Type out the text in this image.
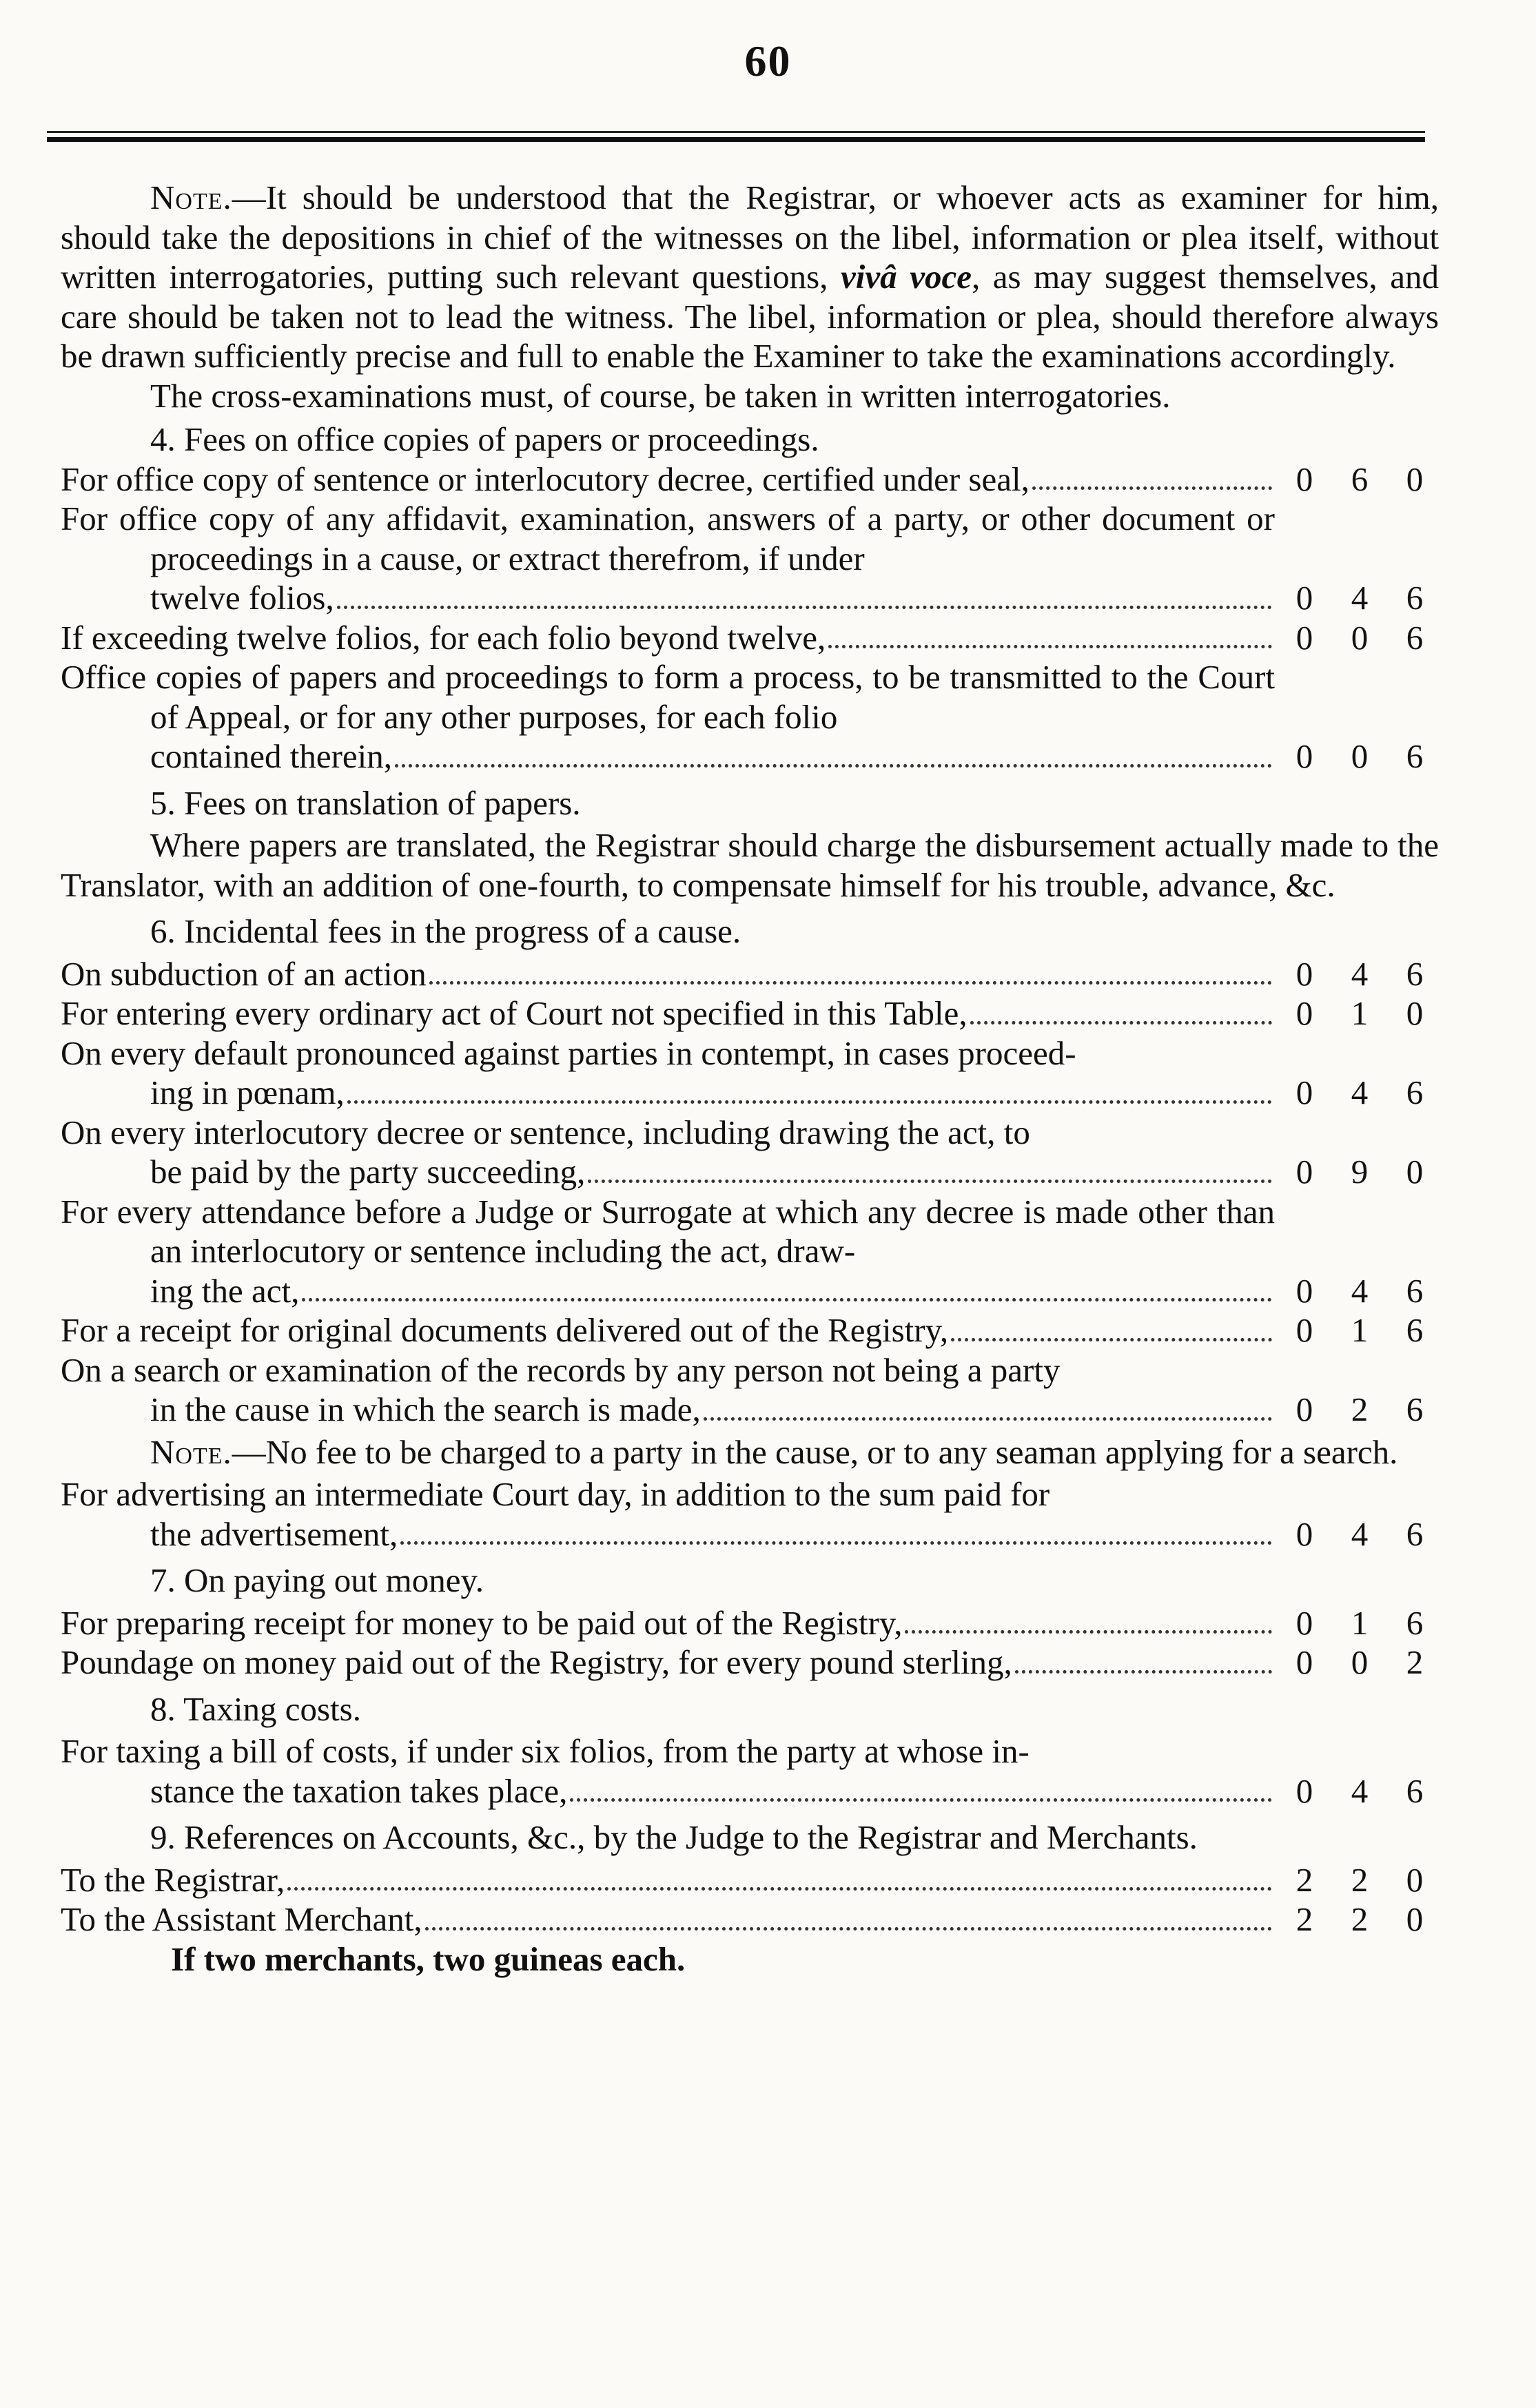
60

Note.—It should be understood that the Registrar, or whoever acts as examiner for him, should take the depositions in chief of the witnesses on the libel, information or plea itself, without written interrogatories, putting such relevant questions, vivâ voce, as may suggest themselves, and care should be taken not to lead the witness. The libel, information or plea, should therefore always be drawn sufficiently precise and full to enable the Examiner to take the examinations accordingly.

The cross-examinations must, of course, be taken in written interrogatories.

4. Fees on office copies of papers or proceedings.
For office copy of sentence or interlocutory decree, certified under seal,	0	6	0
For office copy of any affidavit, examination, answers of a party, or other document or proceedings in a cause, or extract therefrom, if under
twelve folios,	0	4	6
If exceeding twelve folios, for each folio beyond twelve,	0	0	6
Office copies of papers and proceedings to form a process, to be transmitted to the Court of Appeal, or for any other purposes, for each folio
contained therein,	0	0	6
5. Fees on translation of papers.

Where papers are translated, the Registrar should charge the disbursement actually made to the Translator, with an addition of one-fourth, to compensate himself for his trouble, advance, &c.

6. Incidental fees in the progress of a cause.
On subduction of an action	0	4	6
For entering every ordinary act of Court not specified in this Table,	0	1	0
On every default pronounced against parties in contempt, in cases proceed-
ing in pœnam,	0	4	6
On every interlocutory decree or sentence, including drawing the act, to
be paid by the party succeeding,	0	9	0
For every attendance before a Judge or Surrogate at which any decree is made other than an interlocutory or sentence including the act, draw-
ing the act,	0	4	6
For a receipt for original documents delivered out of the Registry,	0	1	6
On a search or examination of the records by any person not being a party
in the cause in which the search is made,	0	2	6

Note.—No fee to be charged to a party in the cause, or to any seaman applying for a search.

For advertising an intermediate Court day, in addition to the sum paid for
the advertisement,	0	4	6
7. On paying out money.
For preparing receipt for money to be paid out of the Registry,	0	1	6
Poundage on money paid out of the Registry, for every pound sterling,	0	0	2
8. Taxing costs.
For taxing a bill of costs, if under six folios, from the party at whose in-
stance the taxation takes place,	0	4	6
9. References on Accounts, &c., by the Judge to the Registrar and Merchants.
To the Registrar,	2	2	0
To the Assistant Merchant,	2	2	0
If two merchants, two guineas each.
